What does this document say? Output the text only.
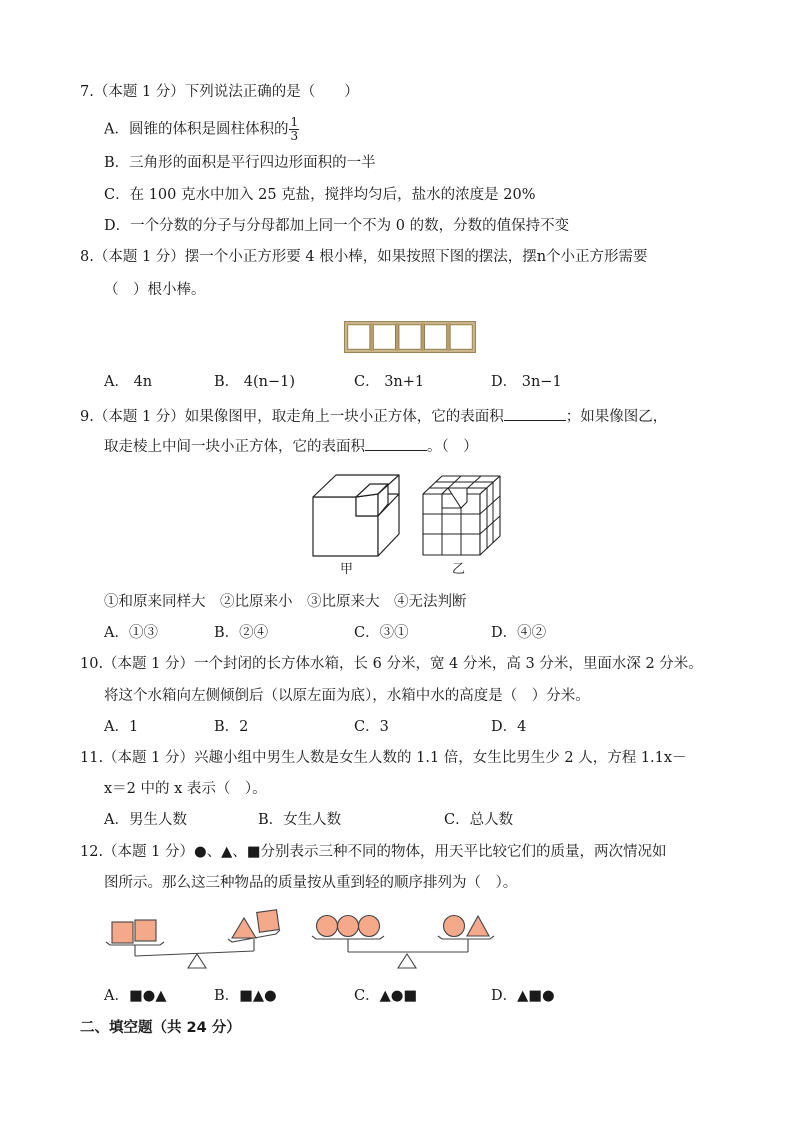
7.（本题 1 分）下列说法正确的是（　　）
A．圆锥的体积是圆柱体积的 $\frac{1}{3}$
B．三角形的面积是平行四边形面积的一半
C．在 100 克水中加入 25 克盐，搅拌均匀后，盐水的浓度是 20%
D．一个分数的分子与分母都加上同一个不为 0 的数，分数的值保持不变
8.（本题 1 分）摆一个小正方形要 4 根小棒，如果按照下图的摆法，摆n个小正方形需要
（　）根小棒。
A． 4n	B． 4(n−1)	C． 3n+1	D． 3n−1
9.（本题 1 分）如果像图甲，取走角上一块小正方体，它的表面积	；如果像图乙，
取走棱上中间一块小正方体，它的表面积	。（　）
甲	乙
①和原来同样大　②比原来小　③比原来大　④无法判断
A．①③	B．②④	C．③①	D．④②
10.（本题 1 分）一个封闭的长方体水箱，长 6 分米，宽 4 分米，高 3 分米，里面水深 2 分米。
将这个水箱向左侧倾倒后（以原左面为底），水箱中水的高度是（　）分米。
A．1	B．2	C．3	D．4
11.（本题 1 分）兴趣小组中男生人数是女生人数的 1.1 倍，女生比男生少 2 人，方程 1.1x－
x＝2 中的 x 表示（　）。
A．男生人数	B．女生人数	C．总人数
12.（本题 1 分）●、▲、■分别表示三种不同的物体，用天平比较它们的质量，两次情况如
图所示。那么这三种物品的质量按从重到轻的顺序排列为（　）。
A．■●▲	B．■▲●	C．▲●■	D．▲■●
二、填空题（共 24 分）
